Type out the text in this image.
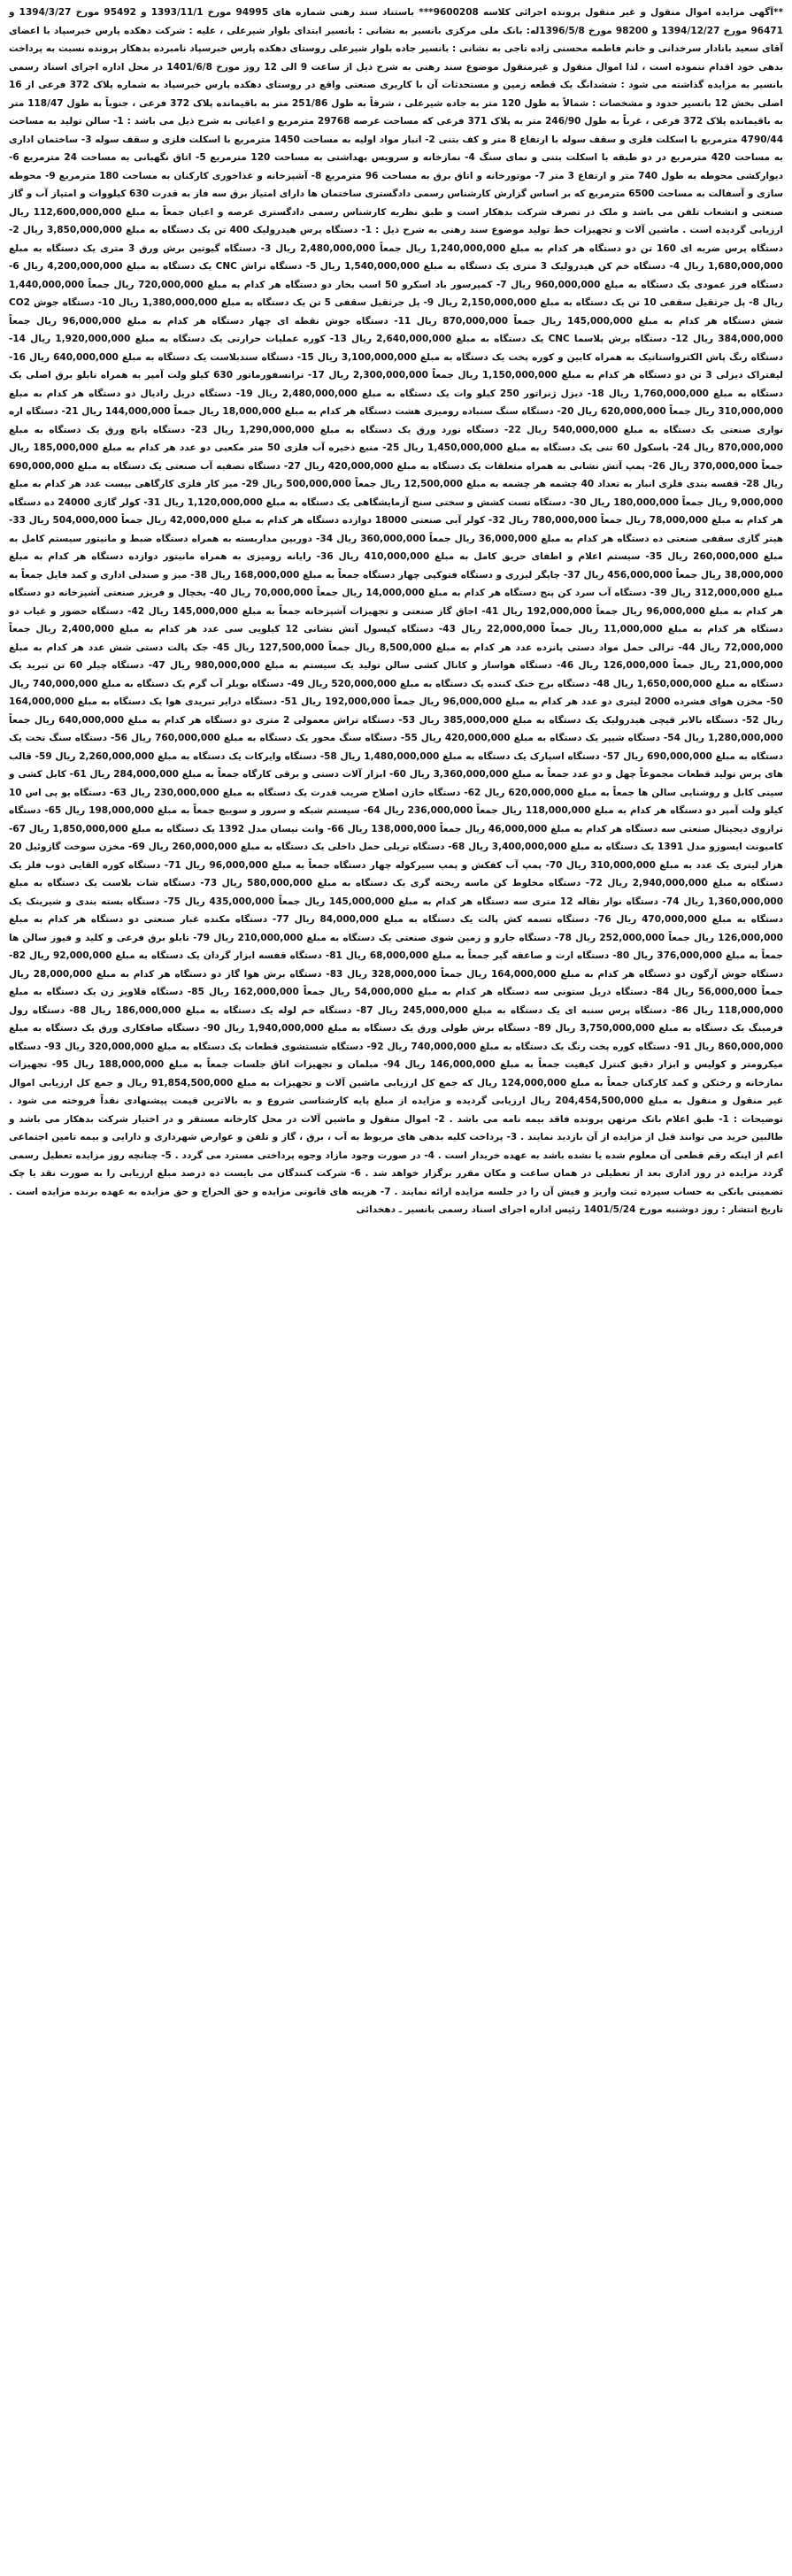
**آگهی مزایده اموال منقول و غیر منقول پرونده اجرائی کلاسه 9600208*** باستناد سند رهنی شماره های 94995 مورخ 1393/11/1 و 95492 مورخ 1394/3/27 و 96471 مورخ 1394/12/27 و 98200 مورخ 1396/5/8له: بانک ملی مرکزی بانسیر به نشانی : بانسیر ابتدای بلوار شیرعلی ، علیه : شرکت دهکده پارس خبرسپاد با اعضای آقای سعید بانادار سرخدانی و خانم فاطمه محسنی زاده تاجی به نشانی : بانسیر جاده بلوار شیرعلی روستای دهکده پارس خبرسپاد نامبرده بدهکار پرونده نسبت به پرداخت بدهی خود اقدام ننموده است ، لذا اموال منقول و غیرمنقول موضوع سند رهنی به شرح ذیل از ساعت 9 الی 12 روز مورخ 1401/6/8 در محل اداره اجرای اسناد رسمی بانسیر به مزایده گذاشته می شود : ششدانگ یک قطعه زمین و مستحدثات آن با کاربری صنعتی واقع در روستای دهکده پارس خبرسپاد به شماره پلاک 372 فرعی از 16 اصلی بخش 12 بانسیر حدود و مشخصات : شمالاً به طول 120 متر به جاده شیرعلی ، شرقاً به طول 251/86 متر به باقیمانده پلاک 372 فرعی ، جنوباً به طول 118/47 متر به باقیمانده پلاک 372 فرعی ، غرباً به طول 246/90 متر به پلاک 371 فرعی که مساحت عرصه 29768 مترمربع و اعیانی به شرح ذیل می باشد : 1- سالن تولید به مساحت 4790/44 مترمربع با اسکلت فلزی و سقف سوله با ارتفاع 8 متر و کف بتنی 2- انبار مواد اولیه به مساحت 1450 مترمربع با اسکلت فلزی و سقف سوله 3- ساختمان اداری به مساحت 420 مترمربع در دو طبقه با اسکلت بتنی و نمای سنگ 4- نمازخانه و سرویس بهداشتی به مساحت 120 مترمربع 5- اتاق نگهبانی به مساحت 24 مترمربع 6- دیوارکشی محوطه به طول 740 متر و ارتفاع 3 متر 7- موتورخانه و اتاق برق به مساحت 96 مترمربع 8- آشپزخانه و غذاخوری کارکنان به مساحت 180 مترمربع 9- محوطه سازی و آسفالت به مساحت 6500 مترمربع که بر اساس گزارش کارشناس رسمی دادگستری ساختمان ها دارای امتیاز برق سه فاز به قدرت 630 کیلووات و امتیاز آب و گاز صنعتی و انشعاب تلفن می باشد و ملک در تصرف شرکت بدهکار است و طبق نظریه کارشناس رسمی دادگستری عرصه و اعیان جمعاً به مبلغ 112,600,000,000 ریال ارزیابی گردیده است . ماشین آلات و تجهیزات خط تولید موضوع سند رهنی به شرح ذیل : 1- دستگاه پرس هیدرولیک 400 تن یک دستگاه به مبلغ 3,850,000,000 ریال 2- دستگاه پرس ضربه ای 160 تن دو دستگاه هر کدام به مبلغ 1,240,000,000 ریال جمعاً 2,480,000,000 ریال 3- دستگاه گیوتین برش ورق 3 متری یک دستگاه به مبلغ 1,680,000,000 ریال 4- دستگاه خم کن هیدرولیک 3 متری یک دستگاه به مبلغ 1,540,000,000 ریال 5- دستگاه تراش CNC یک دستگاه به مبلغ 4,200,000,000 ریال 6- دستگاه فرز عمودی یک دستگاه به مبلغ 960,000,000 ریال 7- کمپرسور باد اسکرو 50 اسب بخار دو دستگاه هر کدام به مبلغ 720,000,000 ریال جمعاً 1,440,000,000 ریال 8- پل جرثقیل سقفی 10 تن یک دستگاه به مبلغ 2,150,000,000 ریال 9- پل جرثقیل سقفی 5 تن یک دستگاه به مبلغ 1,380,000,000 ریال 10- دستگاه جوش CO2 شش دستگاه هر کدام به مبلغ 145,000,000 ریال جمعاً 870,000,000 ریال 11- دستگاه جوش نقطه ای چهار دستگاه هر کدام به مبلغ 96,000,000 ریال جمعاً 384,000,000 ریال 12- دستگاه برش پلاسما CNC یک دستگاه به مبلغ 2,640,000,000 ریال 13- کوره عملیات حرارتی یک دستگاه به مبلغ 1,920,000,000 ریال 14- دستگاه رنگ پاش الکترواستاتیک به همراه کابین و کوره پخت یک دستگاه به مبلغ 3,100,000,000 ریال 15- دستگاه سندبلاست یک دستگاه به مبلغ 640,000,000 ریال 16- لیفتراک دیزلی 3 تن دو دستگاه هر کدام به مبلغ 1,150,000,000 ریال جمعاً 2,300,000,000 ریال 17- ترانسفورماتور 630 کیلو ولت آمپر به همراه تابلو برق اصلی یک دستگاه به مبلغ 1,760,000,000 ریال 18- دیزل ژنراتور 250 کیلو وات یک دستگاه به مبلغ 2,480,000,000 ریال 19- دستگاه دریل رادیال دو دستگاه هر کدام به مبلغ 310,000,000 ریال جمعاً 620,000,000 ریال 20- دستگاه سنگ سنباده رومیزی هشت دستگاه هر کدام به مبلغ 18,000,000 ریال جمعاً 144,000,000 ریال 21- دستگاه اره نواری صنعتی یک دستگاه به مبلغ 540,000,000 ریال 22- دستگاه نورد ورق یک دستگاه به مبلغ 1,290,000,000 ریال 23- دستگاه پانچ ورق یک دستگاه به مبلغ 870,000,000 ریال 24- باسکول 60 تنی یک دستگاه به مبلغ 1,450,000,000 ریال 25- منبع ذخیره آب فلزی 50 متر مکعبی دو عدد هر کدام به مبلغ 185,000,000 ریال جمعاً 370,000,000 ریال 26- پمپ آتش نشانی به همراه متعلقات یک دستگاه به مبلغ 420,000,000 ریال 27- دستگاه تصفیه آب صنعتی یک دستگاه به مبلغ 690,000,000 ریال 28- قفسه بندی فلزی انبار به تعداد 40 چشمه هر چشمه به مبلغ 12,500,000 ریال جمعاً 500,000,000 ریال 29- میز کار فلزی کارگاهی بیست عدد هر کدام به مبلغ 9,000,000 ریال جمعاً 180,000,000 ریال 30- دستگاه تست کشش و سختی سنج آزمایشگاهی یک دستگاه به مبلغ 1,120,000,000 ریال 31- کولر گازی 24000 ده دستگاه هر کدام به مبلغ 78,000,000 ریال جمعاً 780,000,000 ریال 32- کولر آبی صنعتی 18000 دوازده دستگاه هر کدام به مبلغ 42,000,000 ریال جمعاً 504,000,000 ریال 33- هیتر گازی سقفی صنعتی ده دستگاه هر کدام به مبلغ 36,000,000 ریال جمعاً 360,000,000 ریال 34- دوربین مداربسته به همراه دستگاه ضبط و مانیتور سیستم کامل به مبلغ 260,000,000 ریال 35- سیستم اعلام و اطفای حریق کامل به مبلغ 410,000,000 ریال 36- رایانه رومیزی به همراه مانیتور دوازده دستگاه هر کدام به مبلغ 38,000,000 ریال جمعاً 456,000,000 ریال 37- چاپگر لیزری و دستگاه فتوکپی چهار دستگاه جمعاً به مبلغ 168,000,000 ریال 38- میز و صندلی اداری و کمد فایل جمعاً به مبلغ 312,000,000 ریال 39- دستگاه آب سرد کن پنج دستگاه هر کدام به مبلغ 14,000,000 ریال جمعاً 70,000,000 ریال 40- یخچال و فریزر صنعتی آشپزخانه دو دستگاه هر کدام به مبلغ 96,000,000 ریال جمعاً 192,000,000 ریال 41- اجاق گاز صنعتی و تجهیزات آشپزخانه جمعاً به مبلغ 145,000,000 ریال 42- دستگاه حضور و غیاب دو دستگاه هر کدام به مبلغ 11,000,000 ریال جمعاً 22,000,000 ریال 43- دستگاه کپسول آتش نشانی 12 کیلویی سی عدد هر کدام به مبلغ 2,400,000 ریال جمعاً 72,000,000 ریال 44- ترالی حمل مواد دستی پانزده عدد هر کدام به مبلغ 8,500,000 ریال جمعاً 127,500,000 ریال 45- جک پالت دستی شش عدد هر کدام به مبلغ 21,000,000 ریال جمعاً 126,000,000 ریال 46- دستگاه هواساز و کانال کشی سالن تولید یک سیستم به مبلغ 980,000,000 ریال 47- دستگاه چیلر 60 تن تبرید یک دستگاه به مبلغ 1,650,000,000 ریال 48- دستگاه برج خنک کننده یک دستگاه به مبلغ 520,000,000 ریال 49- دستگاه بویلر آب گرم یک دستگاه به مبلغ 740,000,000 ریال 50- مخزن هوای فشرده 2000 لیتری دو عدد هر کدام به مبلغ 96,000,000 ریال جمعاً 192,000,000 ریال 51- دستگاه درایر تبریدی هوا یک دستگاه به مبلغ 164,000,000 ریال 52- دستگاه بالابر قیچی هیدرولیک یک دستگاه به مبلغ 385,000,000 ریال 53- دستگاه تراش معمولی 2 متری دو دستگاه هر کدام به مبلغ 640,000,000 ریال جمعاً 1,280,000,000 ریال 54- دستگاه شیپر یک دستگاه به مبلغ 420,000,000 ریال 55- دستگاه سنگ محور یک دستگاه به مبلغ 760,000,000 ریال 56- دستگاه سنگ تخت یک دستگاه به مبلغ 690,000,000 ریال 57- دستگاه اسپارک یک دستگاه به مبلغ 1,480,000,000 ریال 58- دستگاه وایرکات یک دستگاه به مبلغ 2,260,000,000 ریال 59- قالب های پرس تولید قطعات مجموعاً چهل و دو عدد جمعاً به مبلغ 3,360,000,000 ریال 60- ابزار آلات دستی و برقی کارگاه جمعاً به مبلغ 284,000,000 ریال 61- کابل کشی و سینی کابل و روشنایی سالن ها جمعاً به مبلغ 620,000,000 ریال 62- دستگاه خازن اصلاح ضریب قدرت یک دستگاه به مبلغ 230,000,000 ریال 63- دستگاه یو پی اس 10 کیلو ولت آمپر دو دستگاه هر کدام به مبلغ 118,000,000 ریال جمعاً 236,000,000 ریال 64- سیستم شبکه و سرور و سوییچ جمعاً به مبلغ 198,000,000 ریال 65- دستگاه ترازوی دیجیتال صنعتی سه دستگاه هر کدام به مبلغ 46,000,000 ریال جمعاً 138,000,000 ریال 66- وانت نیسان مدل 1392 یک دستگاه به مبلغ 1,850,000,000 ریال 67- کامیونت ایسوزو مدل 1391 یک دستگاه به مبلغ 3,400,000,000 ریال 68- دستگاه تریلی حمل داخلی یک دستگاه به مبلغ 260,000,000 ریال 69- مخزن سوخت گازوئیل 20 هزار لیتری یک عدد به مبلغ 310,000,000 ریال 70- پمپ آب کفکش و پمپ سیرکوله چهار دستگاه جمعاً به مبلغ 96,000,000 ریال 71- دستگاه کوره القایی ذوب فلز یک دستگاه به مبلغ 2,940,000,000 ریال 72- دستگاه مخلوط کن ماسه ریخته گری یک دستگاه به مبلغ 580,000,000 ریال 73- دستگاه شات بلاست یک دستگاه به مبلغ 1,360,000,000 ریال 74- دستگاه نوار نقاله 12 متری سه دستگاه هر کدام به مبلغ 145,000,000 ریال جمعاً 435,000,000 ریال 75- دستگاه بسته بندی و شیرینک یک دستگاه به مبلغ 470,000,000 ریال 76- دستگاه تسمه کش پالت یک دستگاه به مبلغ 84,000,000 ریال 77- دستگاه مکنده غبار صنعتی دو دستگاه هر کدام به مبلغ 126,000,000 ریال جمعاً 252,000,000 ریال 78- دستگاه جارو و زمین شوی صنعتی یک دستگاه به مبلغ 210,000,000 ریال 79- تابلو برق فرعی و کلید و فیوز سالن ها جمعاً به مبلغ 376,000,000 ریال 80- دستگاه ارت و صاعقه گیر جمعاً به مبلغ 68,000,000 ریال 81- دستگاه قفسه ابزار گردان یک دستگاه به مبلغ 92,000,000 ریال 82- دستگاه جوش آرگون دو دستگاه هر کدام به مبلغ 164,000,000 ریال جمعاً 328,000,000 ریال 83- دستگاه برش هوا گاز دو دستگاه هر کدام به مبلغ 28,000,000 ریال جمعاً 56,000,000 ریال 84- دستگاه دریل ستونی سه دستگاه هر کدام به مبلغ 54,000,000 ریال جمعاً 162,000,000 ریال 85- دستگاه قلاویز زن یک دستگاه به مبلغ 118,000,000 ریال 86- دستگاه پرس سنبه ای یک دستگاه به مبلغ 245,000,000 ریال 87- دستگاه خم لوله یک دستگاه به مبلغ 186,000,000 ریال 88- دستگاه رول فرمینگ یک دستگاه به مبلغ 3,750,000,000 ریال 89- دستگاه برش طولی ورق یک دستگاه به مبلغ 1,940,000,000 ریال 90- دستگاه صافکاری ورق یک دستگاه به مبلغ 860,000,000 ریال 91- دستگاه کوره پخت رنگ یک دستگاه به مبلغ 740,000,000 ریال 92- دستگاه شستشوی قطعات یک دستگاه به مبلغ 320,000,000 ریال 93- دستگاه میکرومتر و کولیس و ابزار دقیق کنترل کیفیت جمعاً به مبلغ 146,000,000 ریال 94- مبلمان و تجهیزات اتاق جلسات جمعاً به مبلغ 188,000,000 ریال 95- تجهیزات نمازخانه و رختکن و کمد کارکنان جمعاً به مبلغ 124,000,000 ریال که جمع کل ارزیابی ماشین آلات و تجهیزات به مبلغ 91,854,500,000 ریال و جمع کل ارزیابی اموال غیر منقول و منقول به مبلغ 204,454,500,000 ریال ارزیابی گردیده و مزایده از مبلغ پایه کارشناسی شروع و به بالاترین قیمت پیشنهادی نقداً فروخته می شود . توضیحات : 1- طبق اعلام بانک مرتهن پرونده فاقد بیمه نامه می باشد . 2- اموال منقول و ماشین آلات در محل کارخانه مستقر و در اختیار شرکت بدهکار می باشد و طالبین خرید می توانند قبل از مزایده از آن بازدید نمایند . 3- پرداخت کلیه بدهی های مربوط به آب ، برق ، گاز و تلفن و عوارض شهرداری و دارایی و بیمه تامین اجتماعی اعم از اینکه رقم قطعی آن معلوم شده یا نشده باشد به عهده خریدار است . 4- در صورت وجود مازاد وجوه پرداختی مسترد می گردد . 5- چنانچه روز مزایده تعطیل رسمی گردد مزایده در روز اداری بعد از تعطیلی در همان ساعت و مکان مقرر برگزار خواهد شد . 6- شرکت کنندگان می بایست ده درصد مبلغ ارزیابی را به صورت نقد یا چک تضمینی بانکی به حساب سپرده ثبت واریز و فیش آن را در جلسه مزایده ارائه نمایند . 7- هزینه های قانونی مزایده و حق الحراج و حق مزایده به عهده برنده مزایده است . تاریخ انتشار : روز دوشنبه مورخ 1401/5/24 رئیس اداره اجرای اسناد رسمی بانسیر ـ دهخدائی
